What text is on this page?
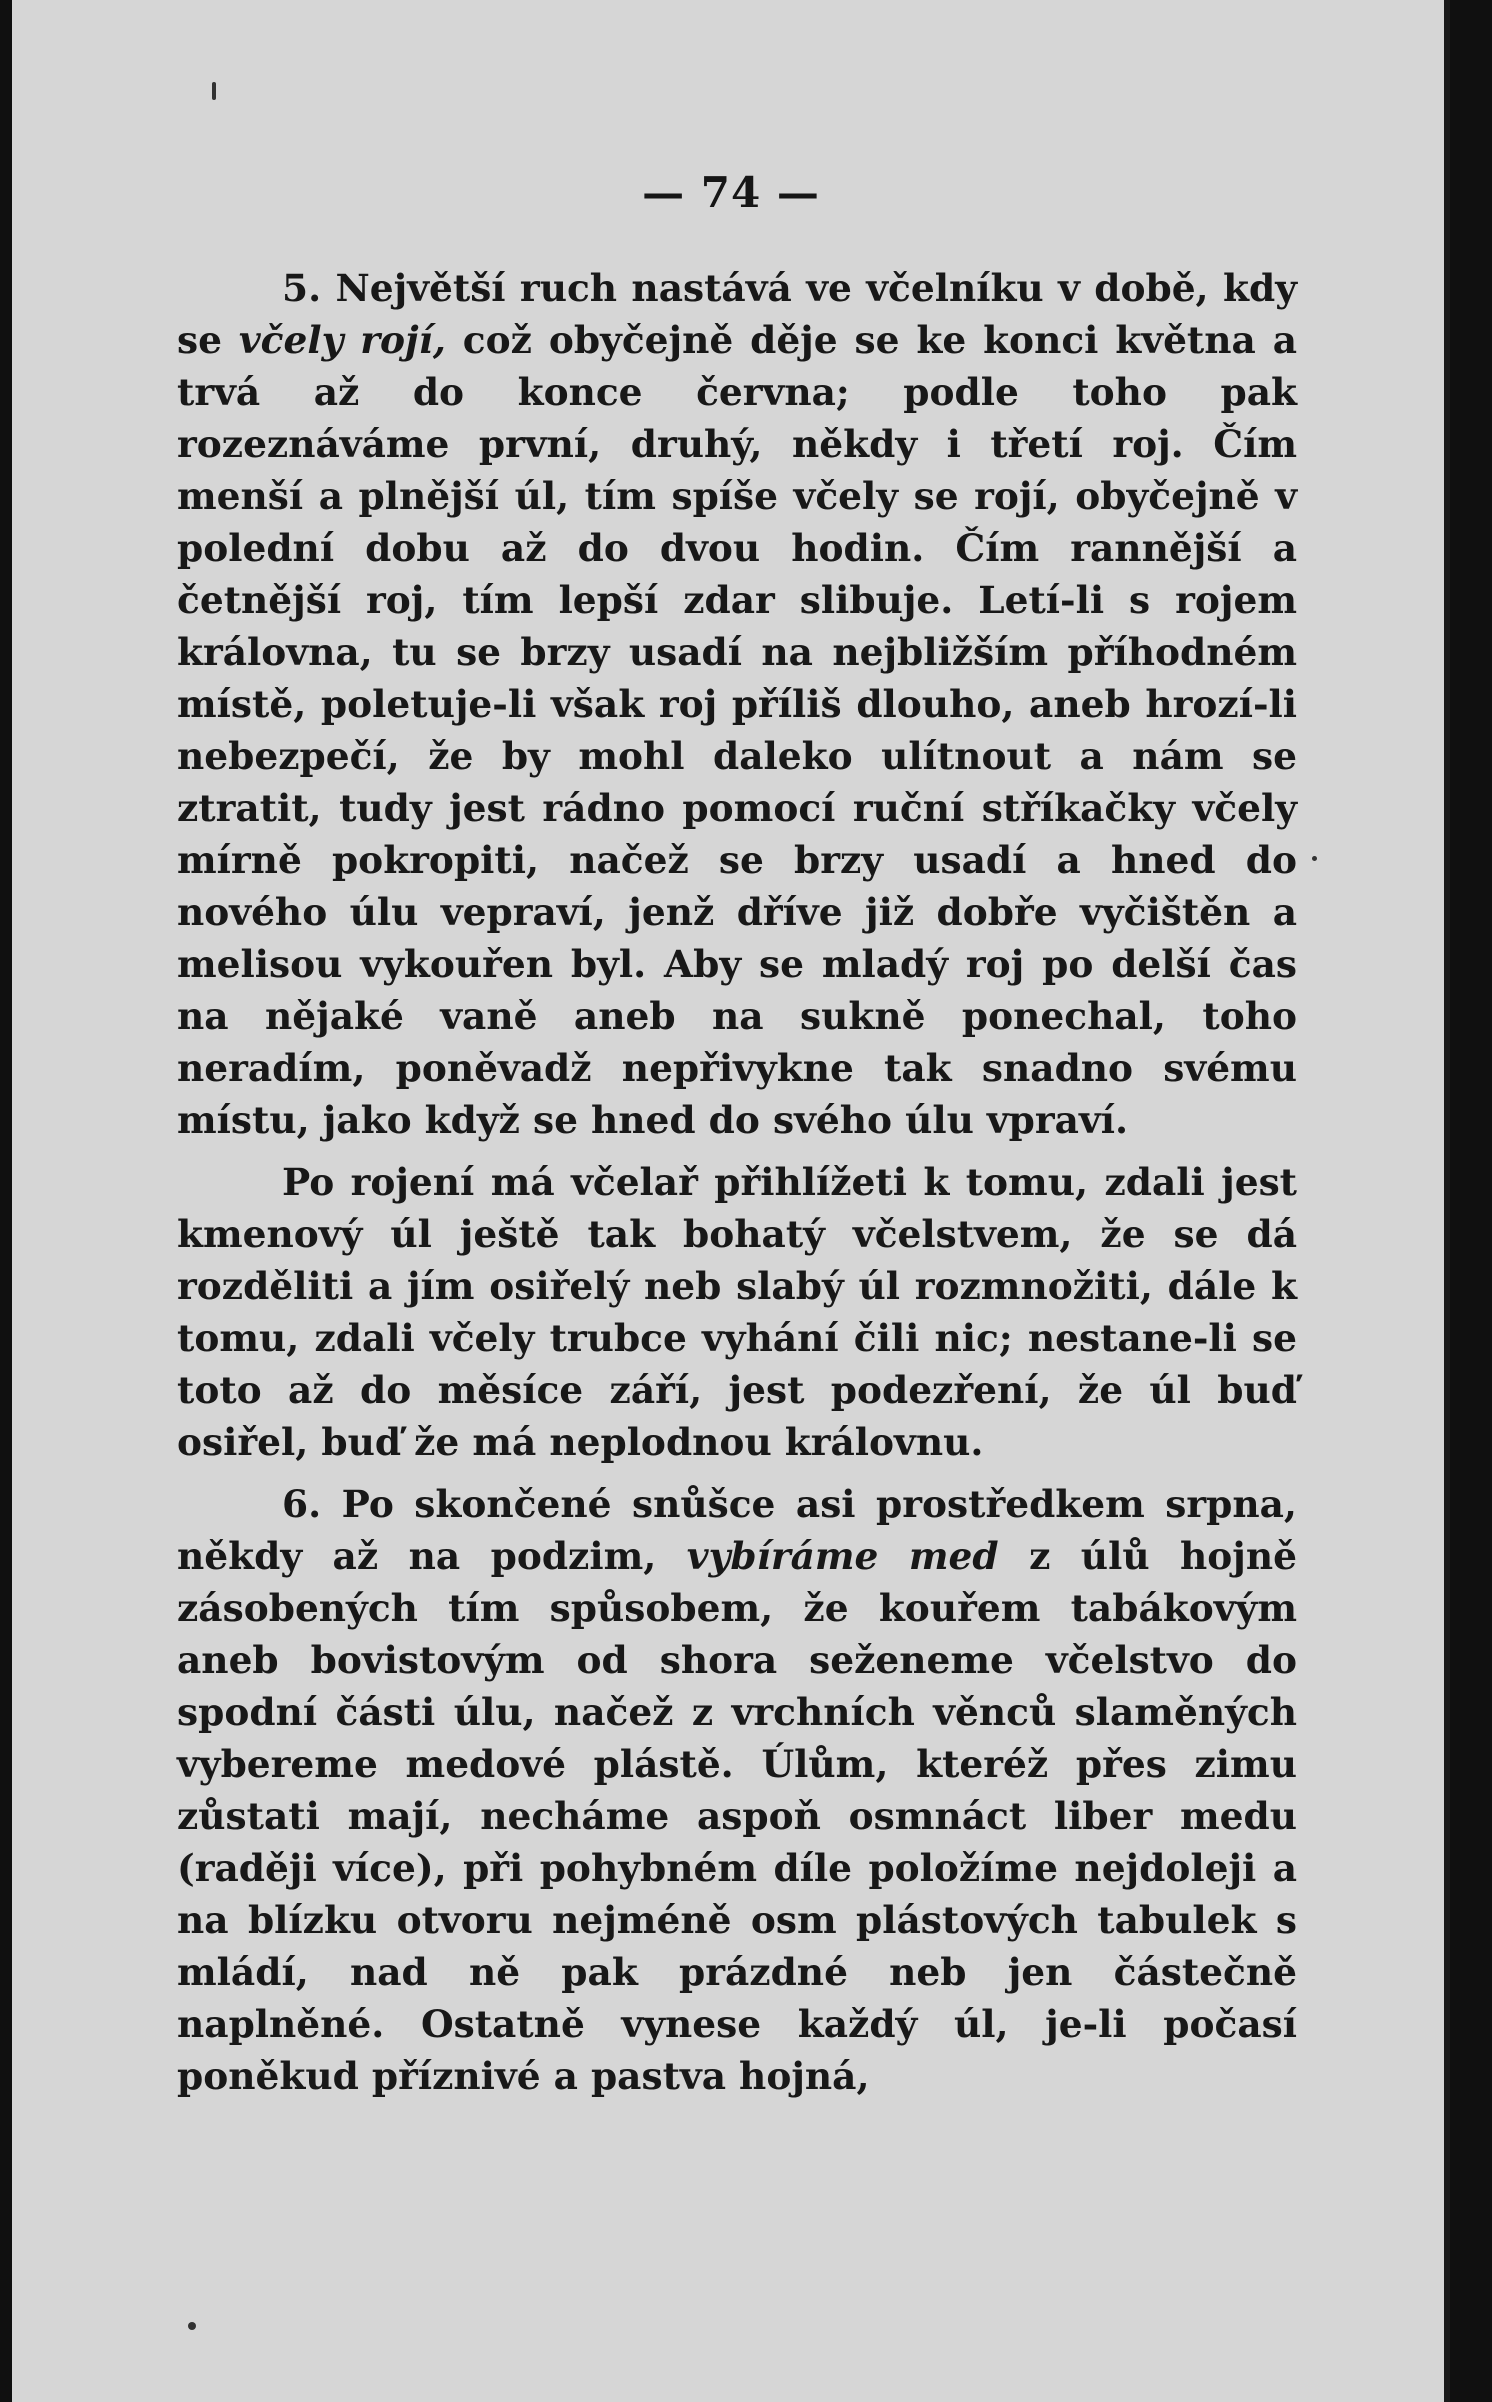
— 74 —

5. Největší ruch nastává ve včelníku v době, kdy se včely rojí, což obyčejně děje se ke konci května a trvá až do konce června; podle toho pak rozeznáváme první, druhý, někdy i třetí roj. Čím menší a plnější úl, tím spíše včely se rojí, obyčejně v polední dobu až do dvou hodin. Čím rannější a četnější roj, tím lepší zdar slibuje. Letí-li s rojem královna, tu se brzy usadí na nejbližším příhodném místě, poletuje-li však roj příliš dlouho, aneb hrozí-li nebezpečí, že by mohl daleko ulítnout a nám se ztratit, tudy jest rádno pomocí ruční stříkačky včely mírně pokropiti, načež se brzy usadí a hned do nového úlu vepraví, jenž dříve již dobře vyčištěn a melisou vykouřen byl. Aby se mladý roj po delší čas na nějaké vaně aneb na sukně ponechal, toho neradím, poněvadž nepřivykne tak snadno svému místu, jako když se hned do svého úlu vpraví.

Po rojení má včelař přihlížeti k tomu, zdali jest kmenový úl ještě tak bohatý včelstvem, že se dá rozděliti a jím osiřelý neb slabý úl rozmnožiti, dále k tomu, zdali včely trubce vyhání čili nic; nestane-li se toto až do měsíce září, jest podezření, že úl buď osiřel, buď že má neplodnou královnu.

6. Po skončené snůšce asi prostředkem srpna, někdy až na podzim, vybíráme med z úlů hojně zásobených tím spůsobem, že kouřem tabákovým aneb bovistovým od shora seženeme včelstvo do spodní části úlu, načež z vrchních věnců slaměných vybereme medové plástě. Úlům, kteréž přes zimu zůstati mají, necháme aspoň osmnáct liber medu (raději více), při pohybném díle položíme nejdoleji a na blízku otvoru nejméně osm plástových tabulek s mládí, nad ně pak prázdné neb jen částečně naplněné. Ostatně vynese každý úl, je-li počasí poněkud příznivé a pastva hojná,
